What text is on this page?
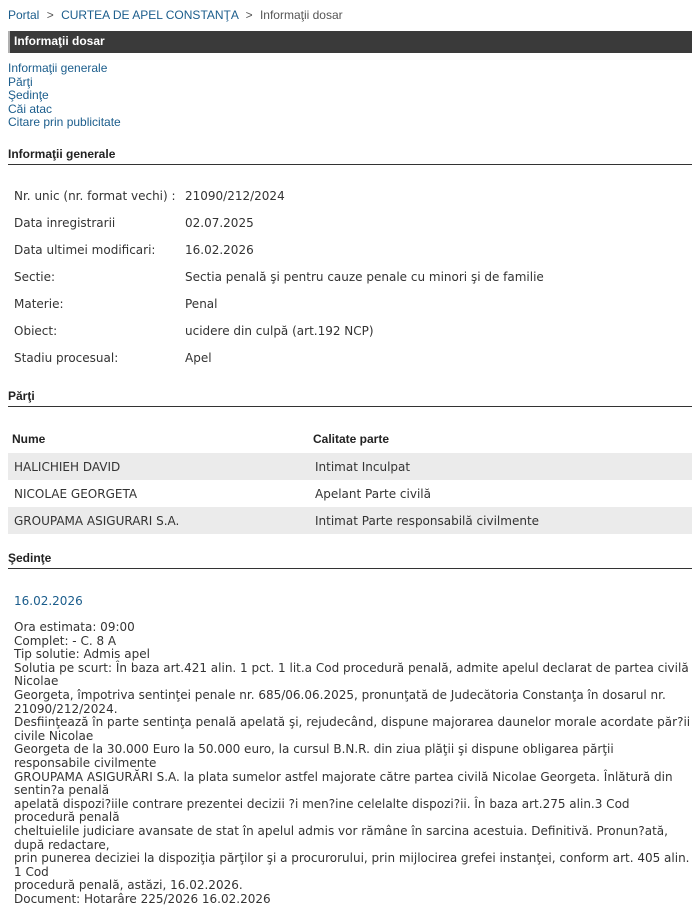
Portal > CURTEA DE APEL CONSTANŢA > Informaţii dosar
Informaţii dosar
Informaţii generale
Părţi
Şedinţe
Căi atac
Citare prin publicitate
Informaţii generale
Nr. unic (nr. format vechi) : 21090/212/2024
Data inregistrarii	02.07.2025
Data ultimei modificari: 16.02.2026
Sectie:	Sectia penală şi pentru cauze penale cu minori şi de familie
Materie:	Penal
Obiect:	ucidere din culpă (art.192 NCP)
Stadiu procesual:	Apel
Părţi
Nume	Calitate parte
HALICHIEH DAVID	Intimat Inculpat
NICOLAE GEORGETA	Apelant Parte civilă
GROUPAMA ASIGURARI S.A.	Intimat Parte responsabilă civilmente
Şedinţe
16.02.2026
Ora estimata: 09:00
Complet: - C. 8 A
Tip solutie: Admis apel
Solutia pe scurt: În baza art.421 alin. 1 pct. 1 lit.a Cod procedură penală, admite apelul declarat de partea civilă Nicolae
Georgeta, împotriva sentinţei penale nr. 685/06.06.2025, pronunţată de Judecătoria Constanţa în dosarul nr. 21090/212/2024.
Desfiinţează în parte sentinţa penală apelată şi, rejudecând, dispune majorarea daunelor morale acordate păr?ii civile Nicolae
Georgeta de la 30.000 Euro la 50.000 euro, la cursul B.N.R. din ziua plăţii şi dispune obligarea părţii responsabile civilmente
GROUPAMA ASIGURĂRI S.A. la plata sumelor astfel majorate către partea civilă Nicolae Georgeta. Înlătură din sentin?a penală
apelată dispozi?iile contrare prezentei decizii ?i men?ine celelalte dispozi?ii. În baza art.275 alin.3 Cod procedură penală
cheltuielile judiciare avansate de stat în apelul admis vor rămâne în sarcina acestuia. Definitivă. Pronun?ată, după redactare,
prin punerea deciziei la dispoziţia părţilor şi a procurorului, prin mijlocirea grefei instanţei, conform art. 405 alin. 1 Cod
procedură penală, astăzi, 16.02.2026.
Document: Hotarâre 225/2026 16.02.2026
